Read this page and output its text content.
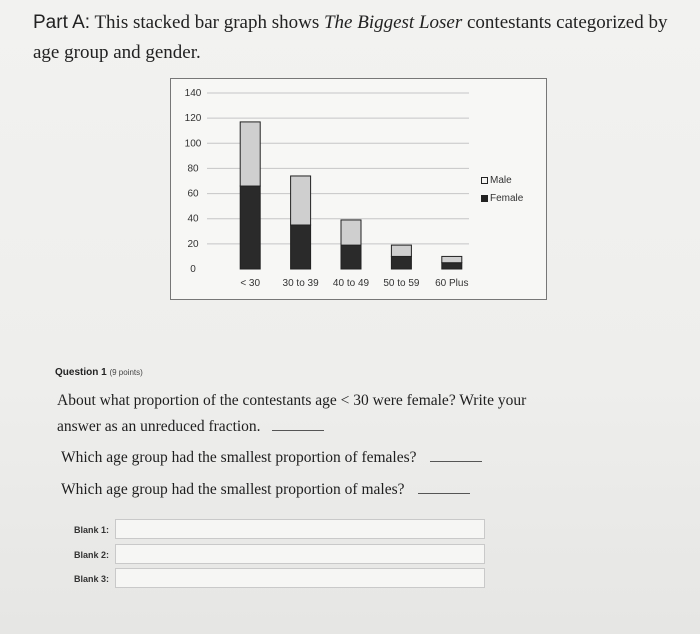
Part A: This stacked bar graph shows The Biggest Loser contestants categorized by age group and gender.
0
20
40
60
80
100
120
140
< 30 30 to 39 40 to 49 50 to 59 60 Plus
Male
Female
Question 1 (9 points)
About what proportion of the contestants age < 30 were female? Write your
answer as an unreduced fraction.
Which age group had the smallest proportion of females?
Which age group had the smallest proportion of males?
Blank 1:
Blank 2:
Blank 3:
